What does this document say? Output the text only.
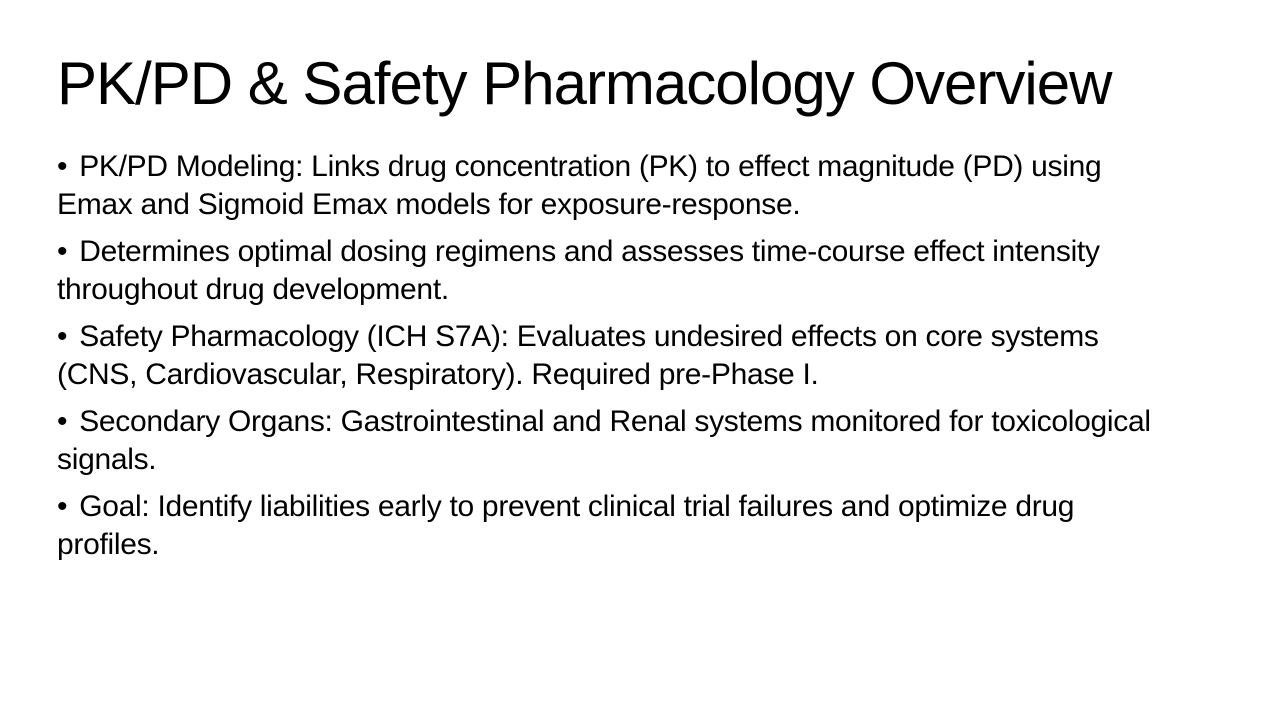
PK/PD & Safety Pharmacology Overview

• PK/PD Modeling: Links drug concentration (PK) to effect magnitude (PD) using Emax and Sigmoid Emax models for exposure-response.

• Determines optimal dosing regimens and assesses time-course effect intensity throughout drug development.

• Safety Pharmacology (ICH S7A): Evaluates undesired effects on core systems (CNS, Cardiovascular, Respiratory). Required pre-Phase I.

• Secondary Organs: Gastrointestinal and Renal systems monitored for toxicological signals.

• Goal: Identify liabilities early to prevent clinical trial failures and optimize drug profiles.
